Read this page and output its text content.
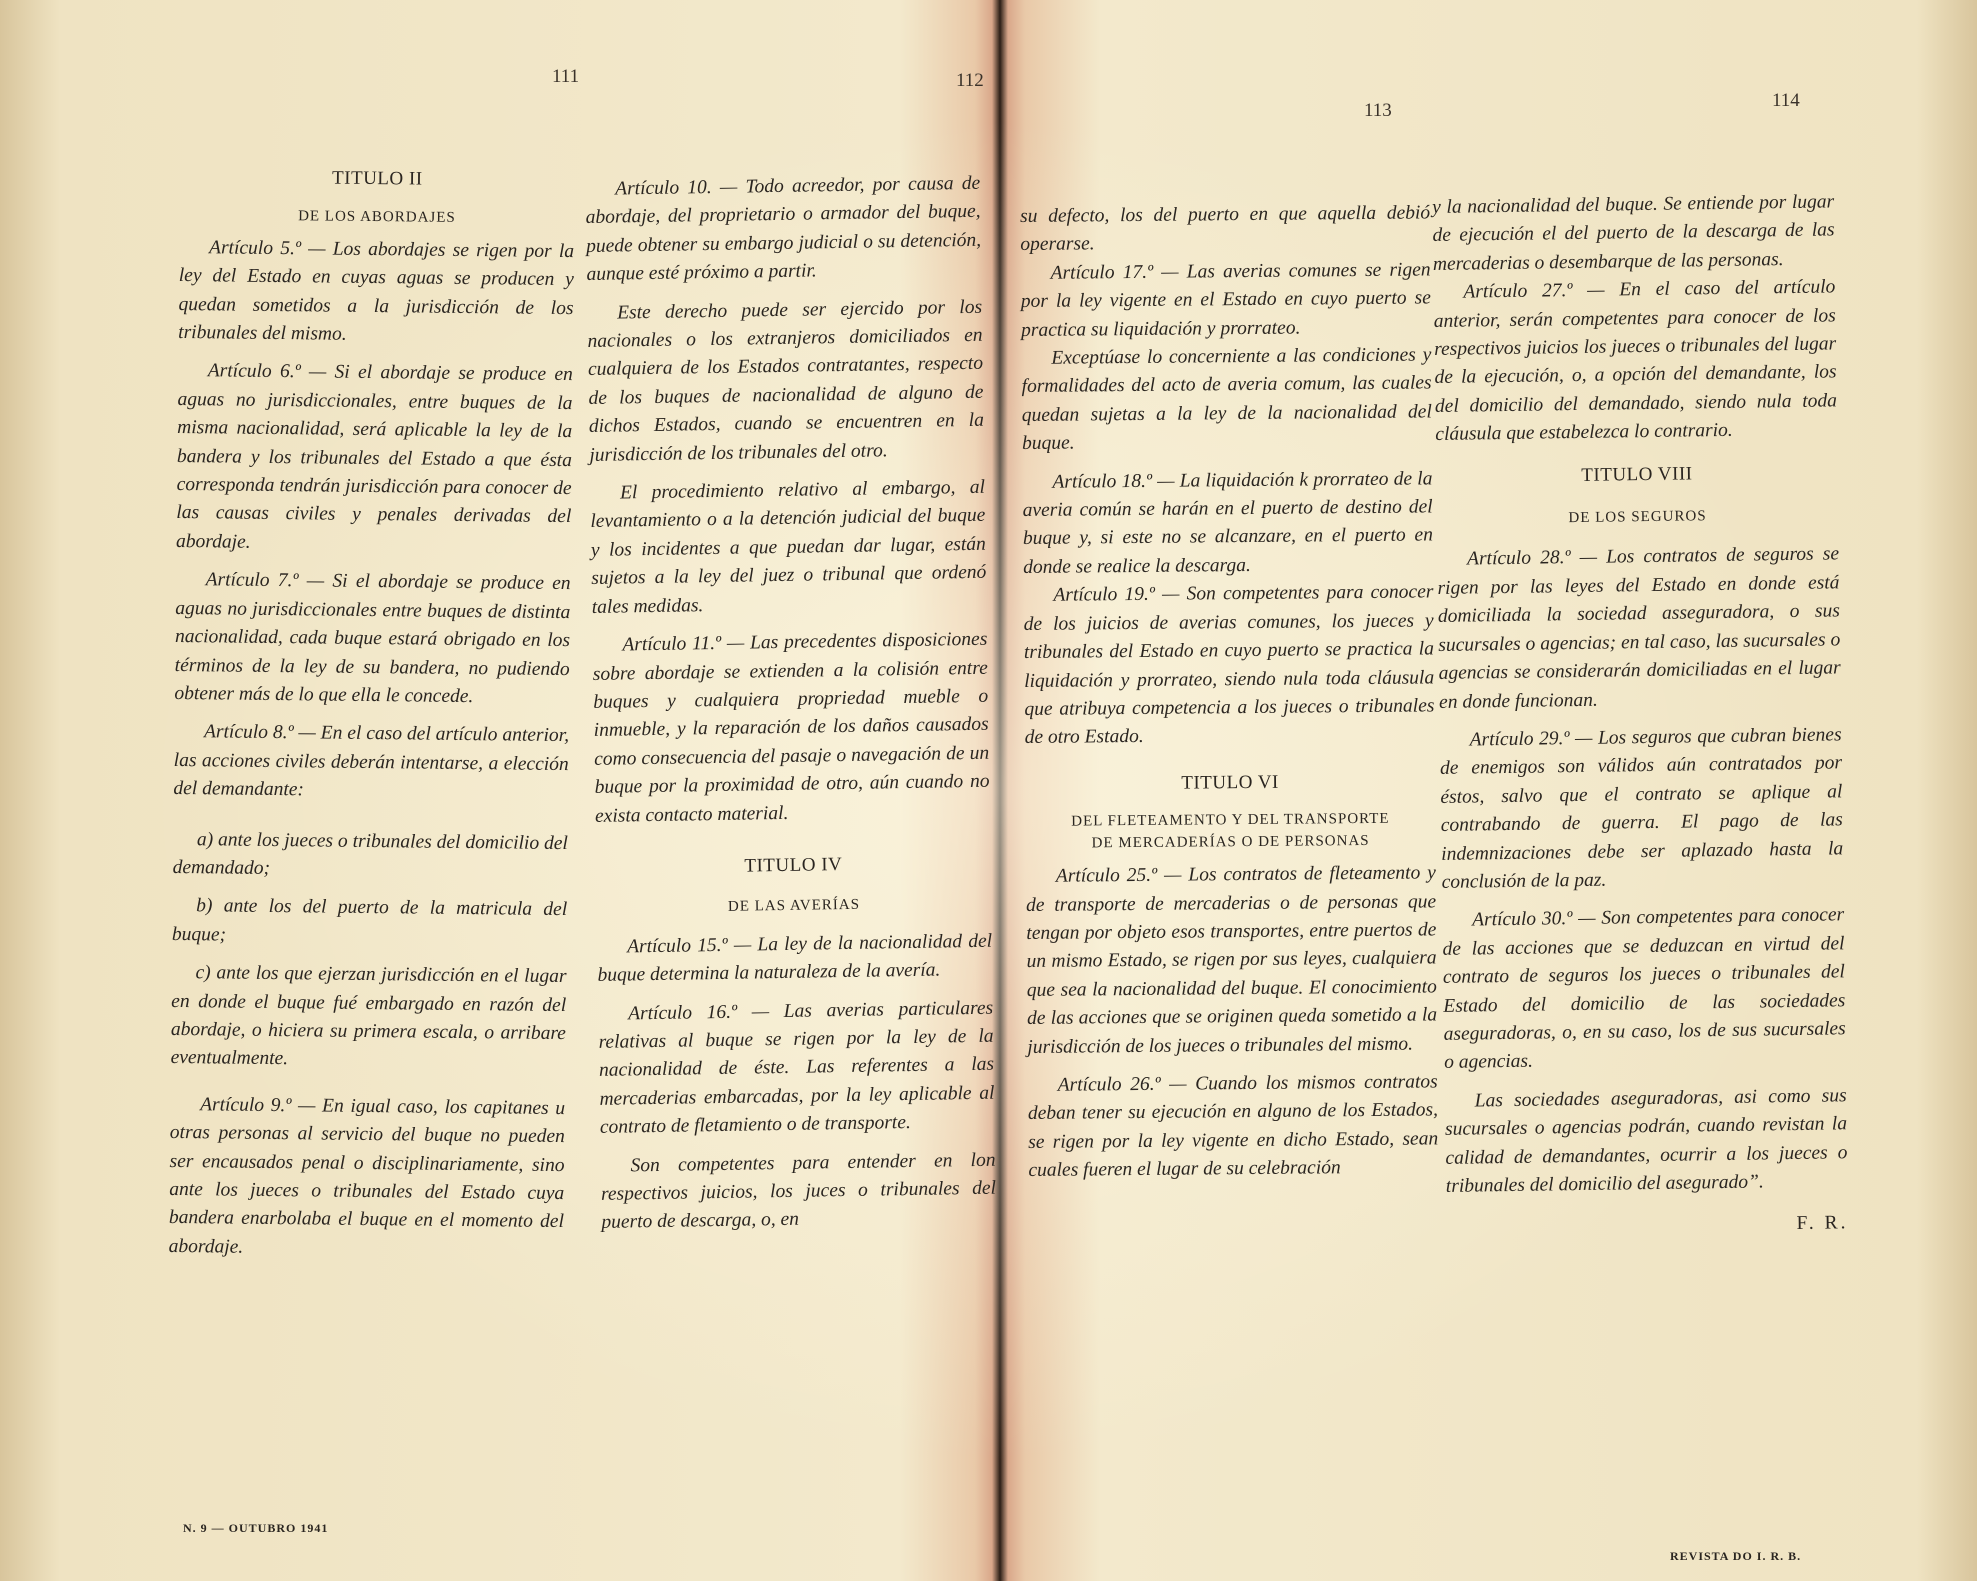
111	112
113	114

TITULO II

DE LOS ABORDAJES

Artículo 5.º — Los abordajes se rigen por la ley del Estado en cuyas aguas se producen y quedan sometidos a la jurisdicción de los tribunales del mismo.

Artículo 6.º — Si el abordaje se produce en aguas no jurisdiccionales, entre buques de la misma nacionalidad, será aplicable la ley de la bandera y los tribunales del Estado a que ésta corresponda tendrán jurisdicción para conocer de las causas civiles y penales derivadas del abordaje.

Artículo 7.º — Si el abordaje se produce en aguas no jurisdiccionales entre buques de distinta nacionalidad, cada buque estará obrigado en los términos de la ley de su bandera, no pudiendo obtener más de lo que ella le concede.

Artículo 8.º — En el caso del artículo anterior, las acciones civiles deberán intentarse, a elección del demandante:

a) ante los jueces o tribunales del domicilio del demandado;

b) ante los del puerto de la matricula del buque;

c) ante los que ejerzan jurisdicción en el lugar en donde el buque fué embargado en razón del abordaje, o hiciera su primera escala, o arribare eventualmente.

Artículo 9.º — En igual caso, los capitanes u otras personas al servicio del buque no pueden ser encausados penal o disciplinariamente, sino ante los jueces o tribunales del Estado cuya bandera enarbolaba el buque en el momento del abordaje.

Artículo 10. — Todo acreedor, por causa de abordaje, del proprietario o armador del buque, puede obtener su embargo judicial o su detención, aunque esté próximo a partir.

Este derecho puede ser ejercido por los nacionales o los extranjeros domiciliados en cualquiera de los Estados contratantes, respecto de los buques de nacionalidad de alguno de dichos Estados, cuando se encuentren en la jurisdicción de los tribunales del otro.

El procedimiento relativo al embargo, al levantamiento o a la detención judicial del buque y los incidentes a que puedan dar lugar, están sujetos a la ley del juez o tribunal que ordenó tales medidas.

Artículo 11.º — Las precedentes disposiciones sobre abordaje se extienden a la colisión entre buques y cualquiera propriedad mueble o inmueble, y la reparación de los daños causados como consecuencia del pasaje o navegación de un buque por la proximidad de otro, aún cuando no exista contacto material.

TITULO IV

DE LAS AVERÍAS

Artículo 15.º — La ley de la nacionalidad del buque determina la naturaleza de la avería.

Artículo 16.º — Las averias particulares relativas al buque se rigen por la ley de la nacionalidad de éste. Las referentes a las mercaderias embarcadas, por la ley aplicable al contrato de fletamiento o de transporte.

Son competentes para entender en lon respectivos juicios, los juces o tribunales del puerto de descarga, o, en

su defecto, los del puerto en que aquella debió operarse.

Artículo 17.º — Las averias comunes se rigen por la ley vigente en el Estado en cuyo puerto se practica su liquidación y prorrateo.

Exceptúase lo concerniente a las condiciones y formalidades del acto de averia comum, las cuales quedan sujetas a la ley de la nacionalidad del buque.

Artículo 18.º — La liquidación k prorrateo de la averia común se harán en el puerto de destino del buque y, si este no se alcanzare, en el puerto en donde se realice la descarga.

Artículo 19.º — Son competentes para conocer de los juicios de averias comunes, los jueces y tribunales del Estado en cuyo puerto se practica la liquidación y prorrateo, siendo nula toda cláusula que atribuya competencia a los jueces o tribunales de otro Estado.

TITULO VI

DEL FLETEAMENTO Y DEL TRANSPORTE

DE MERCADERÍAS O DE PERSONAS

Artículo 25.º — Los contratos de fleteamento y de transporte de mercaderias o de personas que tengan por objeto esos transportes, entre puertos de un mismo Estado, se rigen por sus leyes, cualquiera que sea la nacionalidad del buque. El conocimiento de las acciones que se originen queda sometido a la jurisdicción de los jueces o tribunales del mismo.

Artículo 26.º — Cuando los mismos contratos deban tener su ejecución en alguno de los Estados, se rigen por la ley vigente en dicho Estado, sean cuales fueren el lugar de su celebración

y la nacionalidad del buque. Se entiende por lugar de ejecución el del puerto de la descarga de las mercaderias o desembarque de las personas.

Artículo 27.º — En el caso del artículo anterior, serán competentes para conocer de los respectivos juicios los jueces o tribunales del lugar de la ejecución, o, a opción del demandante, los del domicilio del demandado, siendo nula toda cláusula que estabelezca lo contrario.

TITULO VIII

DE LOS SEGUROS

Artículo 28.º — Los contratos de seguros se rigen por las leyes del Estado en donde está domiciliada la sociedad asseguradora, o sus sucursales o agencias; en tal caso, las sucursales o agencias se considerarán domiciliadas en el lugar en donde funcionan.

Artículo 29.º — Los seguros que cubran bienes de enemigos son válidos aún contratados por éstos, salvo que el contrato se aplique al contrabando de guerra. El pago de las indemnizaciones debe ser aplazado hasta la conclusión de la paz.

Artículo 30.º — Son competentes para conocer de las acciones que se deduzcan en virtud del contrato de seguros los jueces o tribunales del Estado del domicilio de las sociedades aseguradoras, o, en su caso, los de sus sucursales o agencias.

Las sociedades aseguradoras, asi como sus sucursales o agencias podrán, cuando revistan la calidad de demandantes, ocurrir a los jueces o tribunales del domicilio del asegurado”.

F. R.

N. 9 — OUTUBRO 1941
REVISTA DO I. R. B.
